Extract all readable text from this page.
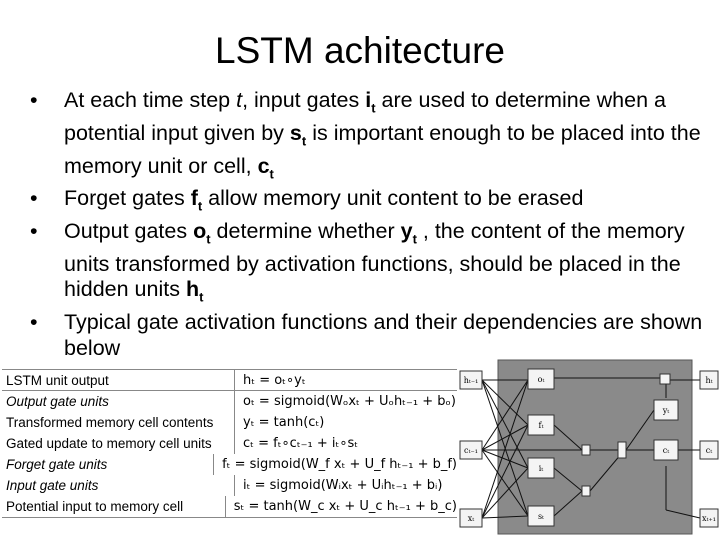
LSTM achitecture
• At each time step t, input gates $i_t$ are used to determine when a potential input given by $s_t$ is important enough to be placed into the memory unit or cell, $c_t$
• Forget gates $f_t$ allow memory unit content to be erased
• Output gates $o_t$ determine whether $y_t$ , the content of the memory units transformed by activation functions, should be placed in the hidden units $h_t$
• Typical gate activation functions and their dependencies are shown below
LSTM unit output	hₜ = oₜ∘yₜ
Output gate units	oₜ = sigmoid(Wₒxₜ + Uₒhₜ₋₁ + bₒ)
Transformed memory cell contents	yₜ = tanh(cₜ)
Gated update to memory cell units	cₜ = fₜ∘cₜ₋₁ + iₜ∘sₜ
Forget gate units	fₜ = sigmoid(W_f xₜ + U_f hₜ₋₁ + b_f)
Input gate units	iₜ = sigmoid(Wᵢxₜ + Uᵢhₜ₋₁ + bᵢ)
Potential input to memory cell	sₜ = tanh(W_c xₜ + U_c hₜ₋₁ + b_c)
hₜ₋₁
cₜ₋₁
xₜ
oₜ
fₜ
iₜ
sₜ
yₜ
cₜ
hₜ
cₜ
xₜ₊₁
